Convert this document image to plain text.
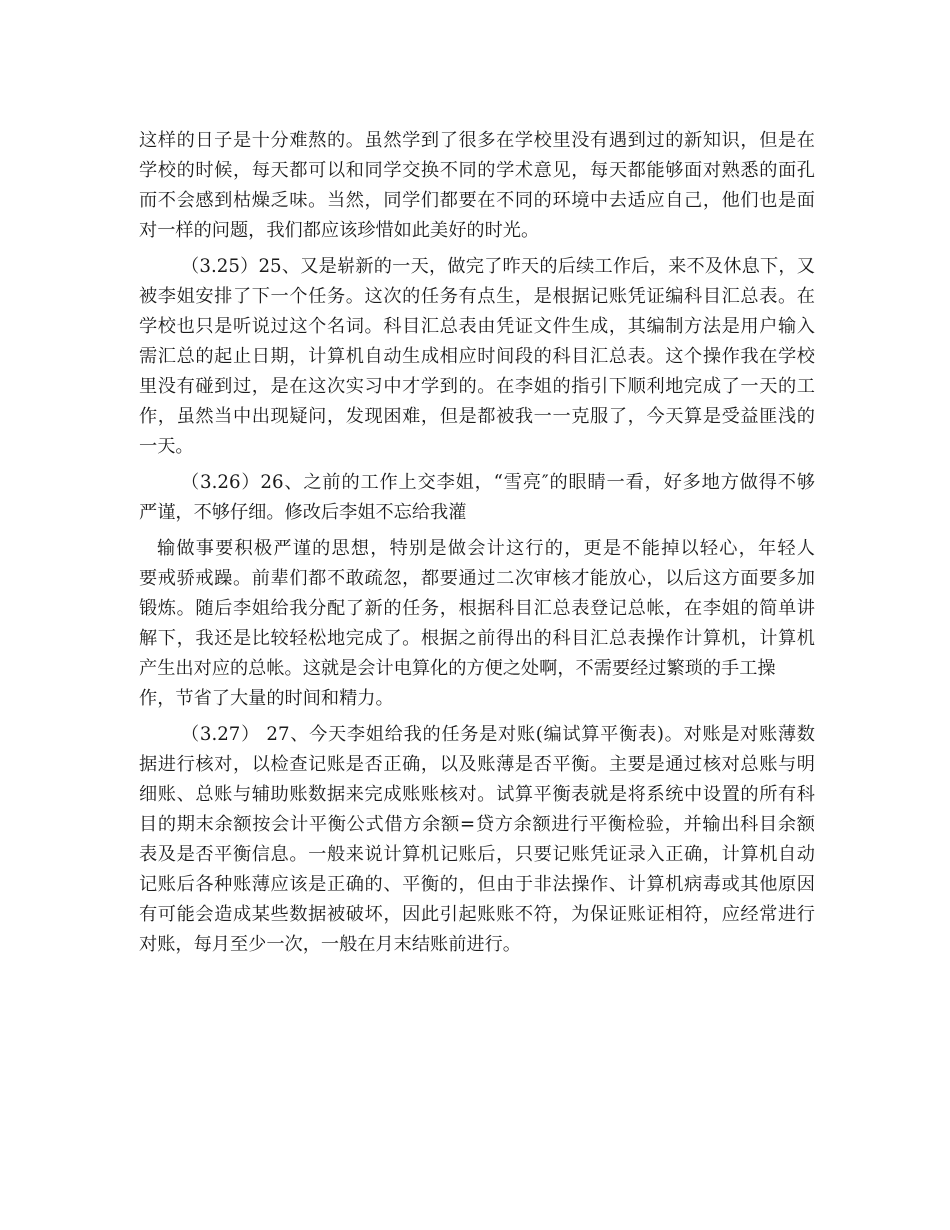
这样的日子是十分难熬的。虽然学到了很多在学校里没有遇到过的新知识，但是在
学校的时候，每天都可以和同学交换不同的学术意见，每天都能够面对熟悉的面孔
而不会感到枯燥乏味。当然，同学们都要在不同的环境中去适应自己，他们也是面
对一样的问题，我们都应该珍惜如此美好的时光。
（3.25）25、又是崭新的一天，做完了昨天的后续工作后，来不及休息下，又
被李姐安排了下一个任务。这次的任务有点生，是根据记账凭证编科目汇总表。在
学校也只是听说过这个名词。科目汇总表由凭证文件生成，其编制方法是用户输入
需汇总的起止日期，计算机自动生成相应时间段的科目汇总表。这个操作我在学校
里没有碰到过，是在这次实习中才学到的。在李姐的指引下顺利地完成了一天的工
作，虽然当中出现疑问，发现困难，但是都被我一一克服了，今天算是受益匪浅的
一天。
（3.26）26、之前的工作上交李姐，“雪亮″的眼睛一看，好多地方做得不够
严谨，不够仔细。修改后李姐不忘给我灌
输做事要积极严谨的思想，特别是做会计这行的，更是不能掉以轻心，年轻人
要戒骄戒躁。前辈们都不敢疏忽，都要通过二次审核才能放心，以后这方面要多加
锻炼。随后李姐给我分配了新的任务，根据科目汇总表登记总帐，在李姐的简单讲
解下，我还是比较轻松地完成了。根据之前得出的科目汇总表操作计算机，计算机
产生出对应的总帐。这就是会计电算化的方便之处啊，不需要经过繁琐的手工操
作，节省了大量的时间和精力。
（3.27） 27、今天李姐给我的任务是对账(编试算平衡表)。对账是对账薄数
据进行核对，以检查记账是否正确，以及账薄是否平衡。主要是通过核对总账与明
细账、总账与辅助账数据来完成账账核对。试算平衡表就是将系统中设置的所有科
目的期末余额按会计平衡公式借方余额=贷方余额进行平衡检验，并输出科目余额
表及是否平衡信息。一般来说计算机记账后，只要记账凭证录入正确，计算机自动
记账后各种账薄应该是正确的、平衡的，但由于非法操作、计算机病毒或其他原因
有可能会造成某些数据被破坏，因此引起账账不符，为保证账证相符，应经常进行
对账，每月至少一次，一般在月末结账前进行。
